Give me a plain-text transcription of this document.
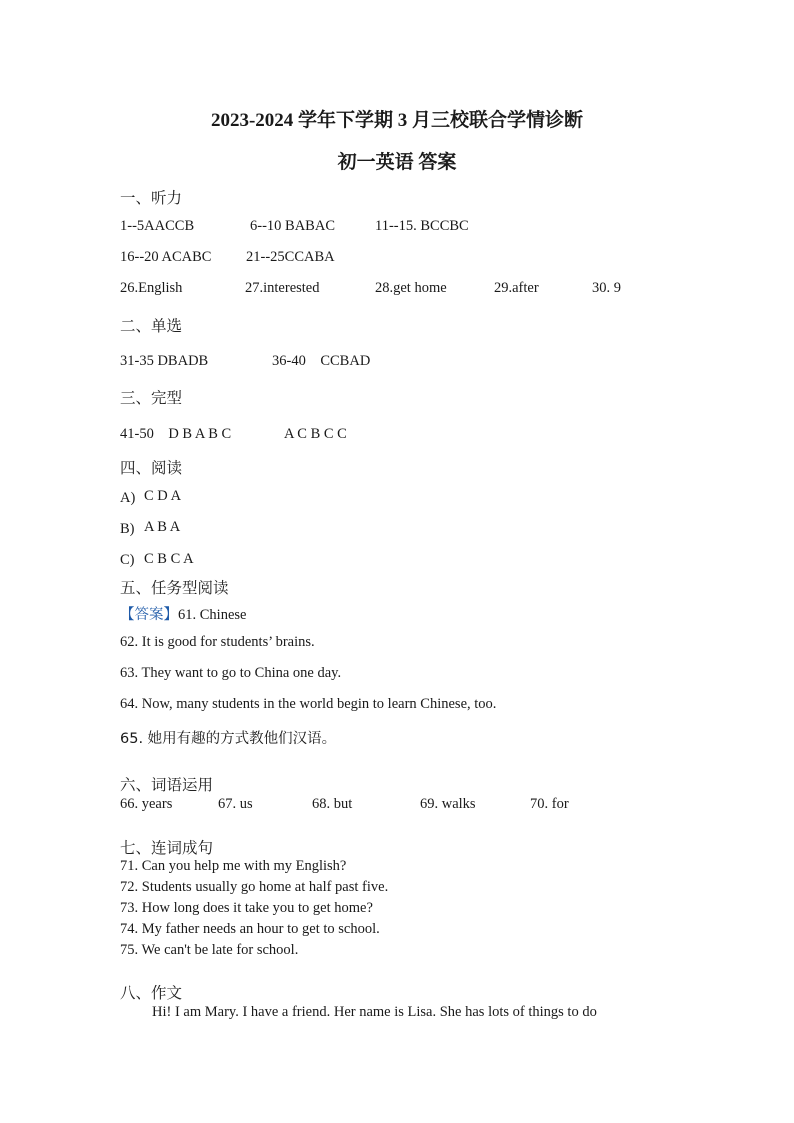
2023-2024 学年下学期 3 月三校联合学情诊断
初一英语 答案
一、听力
1--5AACCB	6--10 BABAC	11--15. BCCBC
16--20 ACABC 21--25CCABA
26.English	27.interested	28.get home	29.after	30. 9
二、单选
31-35 DBADB	36-40    CCBAD
三、完型
41-50    D B A B C	A C B C C
四、阅读
A) C D A
B) A B A
C) C B C A
五、任务型阅读
【答案】61. Chinese
62. It is good for students’ brains.
63. They want to go to China one day.
64. Now, many students in the world begin to learn Chinese, too.
65. 她用有趣的方式教他们汉语。
六、词语运用
66. years	67. us	68. but	69. walks	70. for
七、连词成句
71. Can you help me with my English?
72. Students usually go home at half past five.
73. How long does it take you to get home?
74. My father needs an hour to get to school.
75. We can't be late for school.
八、作文
Hi! I am Mary. I have a friend. Her name is Lisa. She has lots of things to do
